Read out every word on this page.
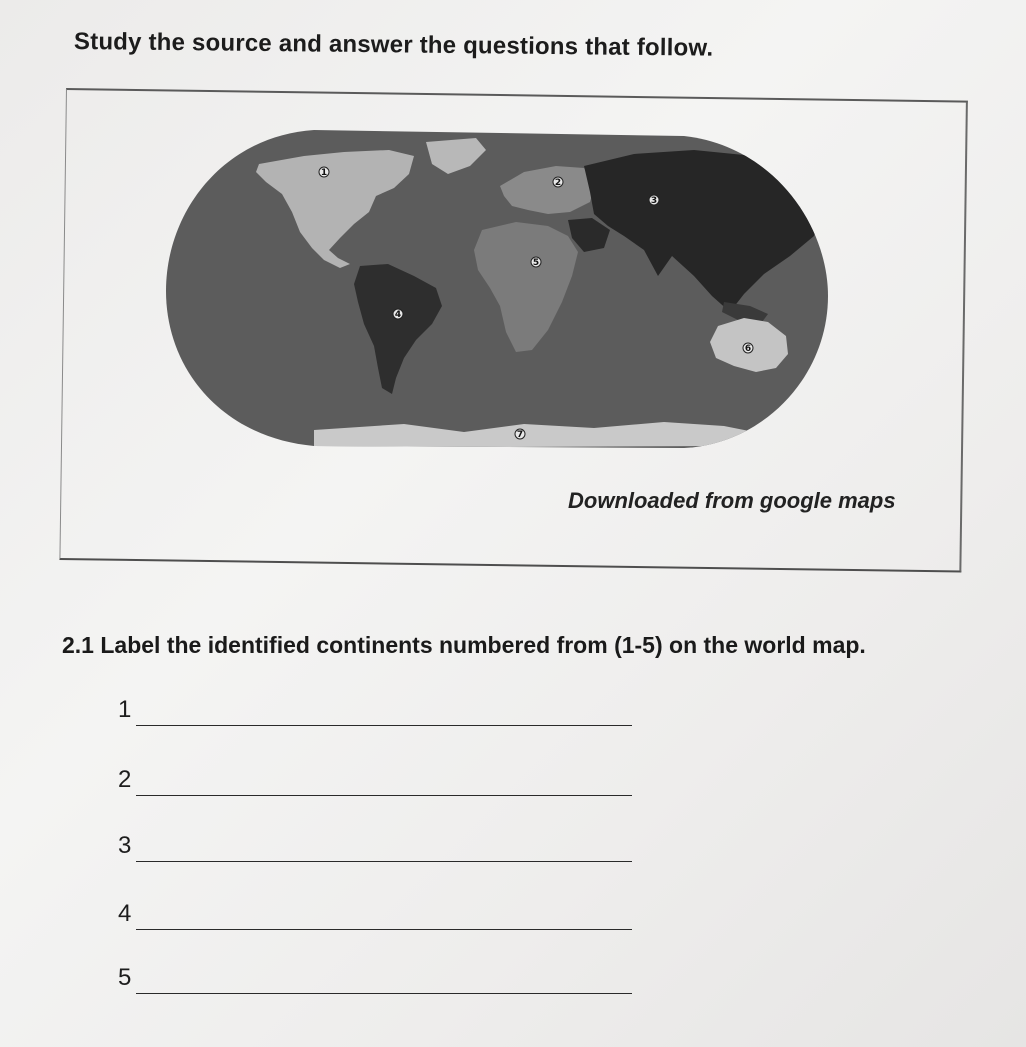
Study the source and answer the questions that follow.
1
2
3
4
5
6
7
Downloaded from google maps
2.1 Label the identified continents numbered from (1-5) on the world map.
1
2
3
4
5
